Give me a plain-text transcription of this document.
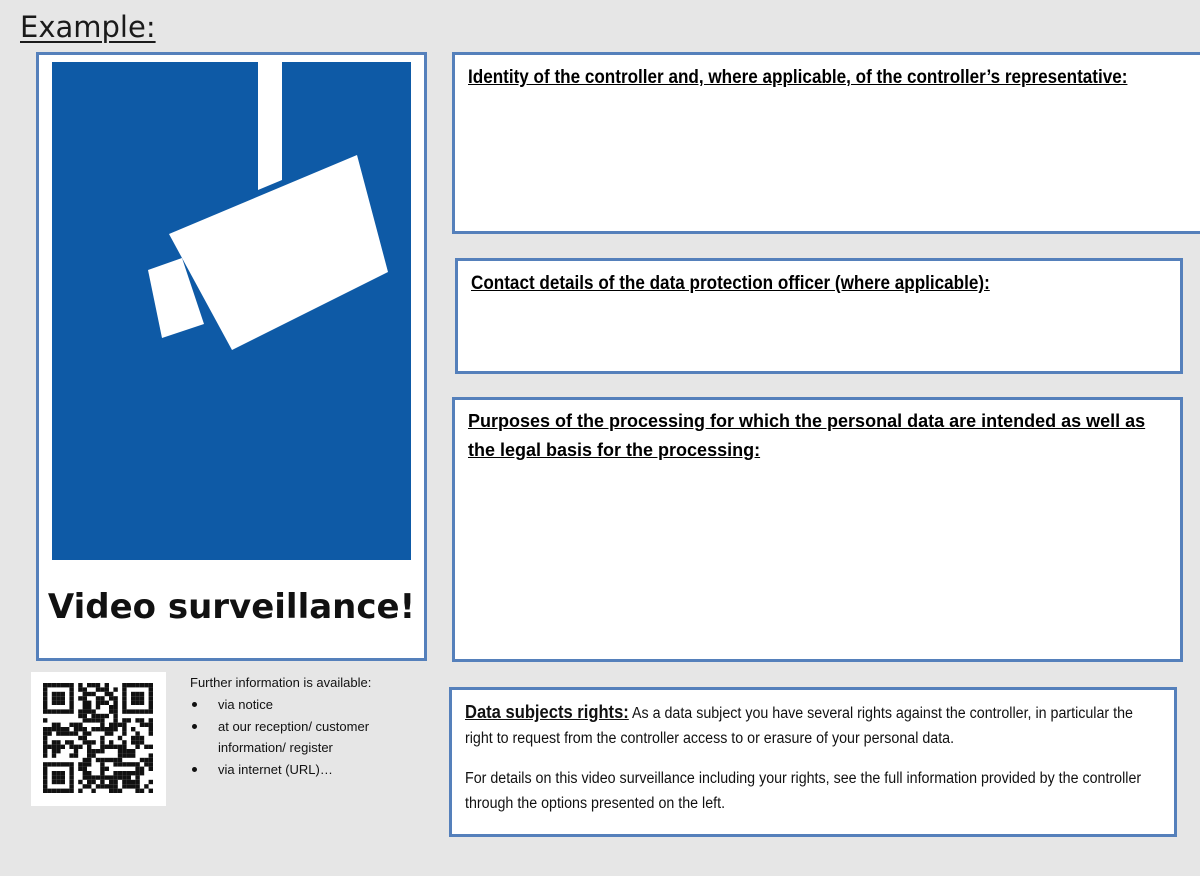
Example:
Video surveillance!
Identity of the controller and, where applicable, of the controller’s representative:
Contact details of the data protection officer (where applicable):
Purposes of the processing for which the personal data are intended as well as the legal basis for the processing:
Further information is available:
via notice
at our reception/ customer information/ register
via internet (URL)…

Data subjects rights: As a data subject you have several rights against the controller, in particular the right to request from the controller access to or erasure of your personal data.

For details on this video surveillance including your rights, see the full information provided by the controller through the options presented on the left.
